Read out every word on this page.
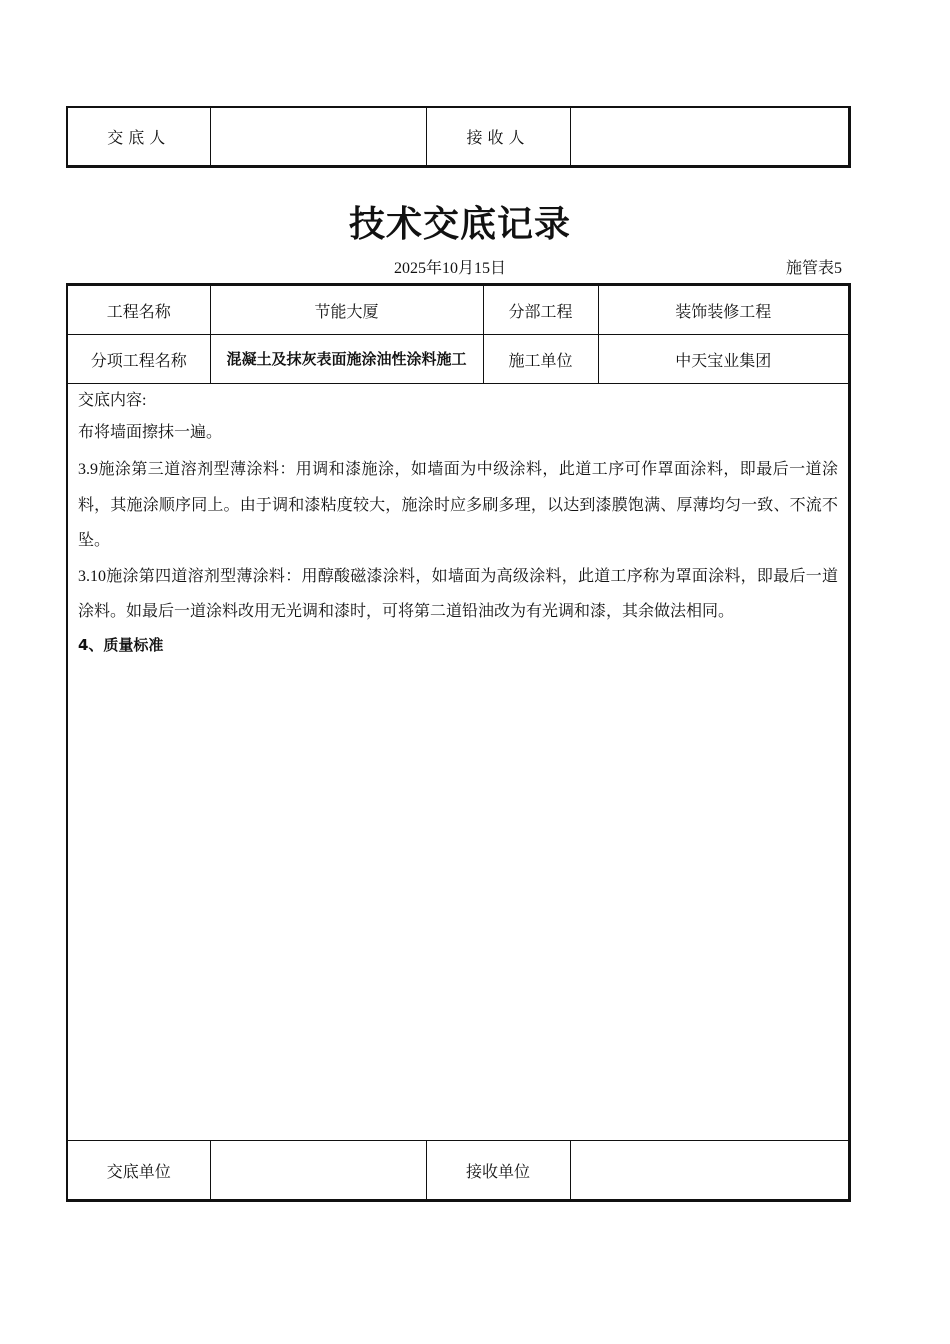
交底人		接收人	
技术交底记录
2025年10月15日	施管表5
工程名称	节能大厦	分部工程	装饰装修工程
分项工程名称	混凝土及抹灰表面施涂油性涂料施工	施工单位	中天宝业集团

交底内容:

布将墙面擦抹一遍。

3.9施涂第三道溶剂型薄涂料：用调和漆施涂，如墙面为中级涂料，此道工序可作罩面涂料，即最后一道涂料，其施涂顺序同上。由于调和漆粘度较大，施涂时应多刷多理，以达到漆膜饱满、厚薄均匀一致、不流不坠。

3.10施涂第四道溶剂型薄涂料：用醇酸磁漆涂料，如墙面为高级涂料，此道工序称为罩面涂料，即最后一道涂料。如最后一道涂料改用无光调和漆时，可将第二道铅油改为有光调和漆，其余做法相同。

4、质量标准

交底单位		接收单位	
